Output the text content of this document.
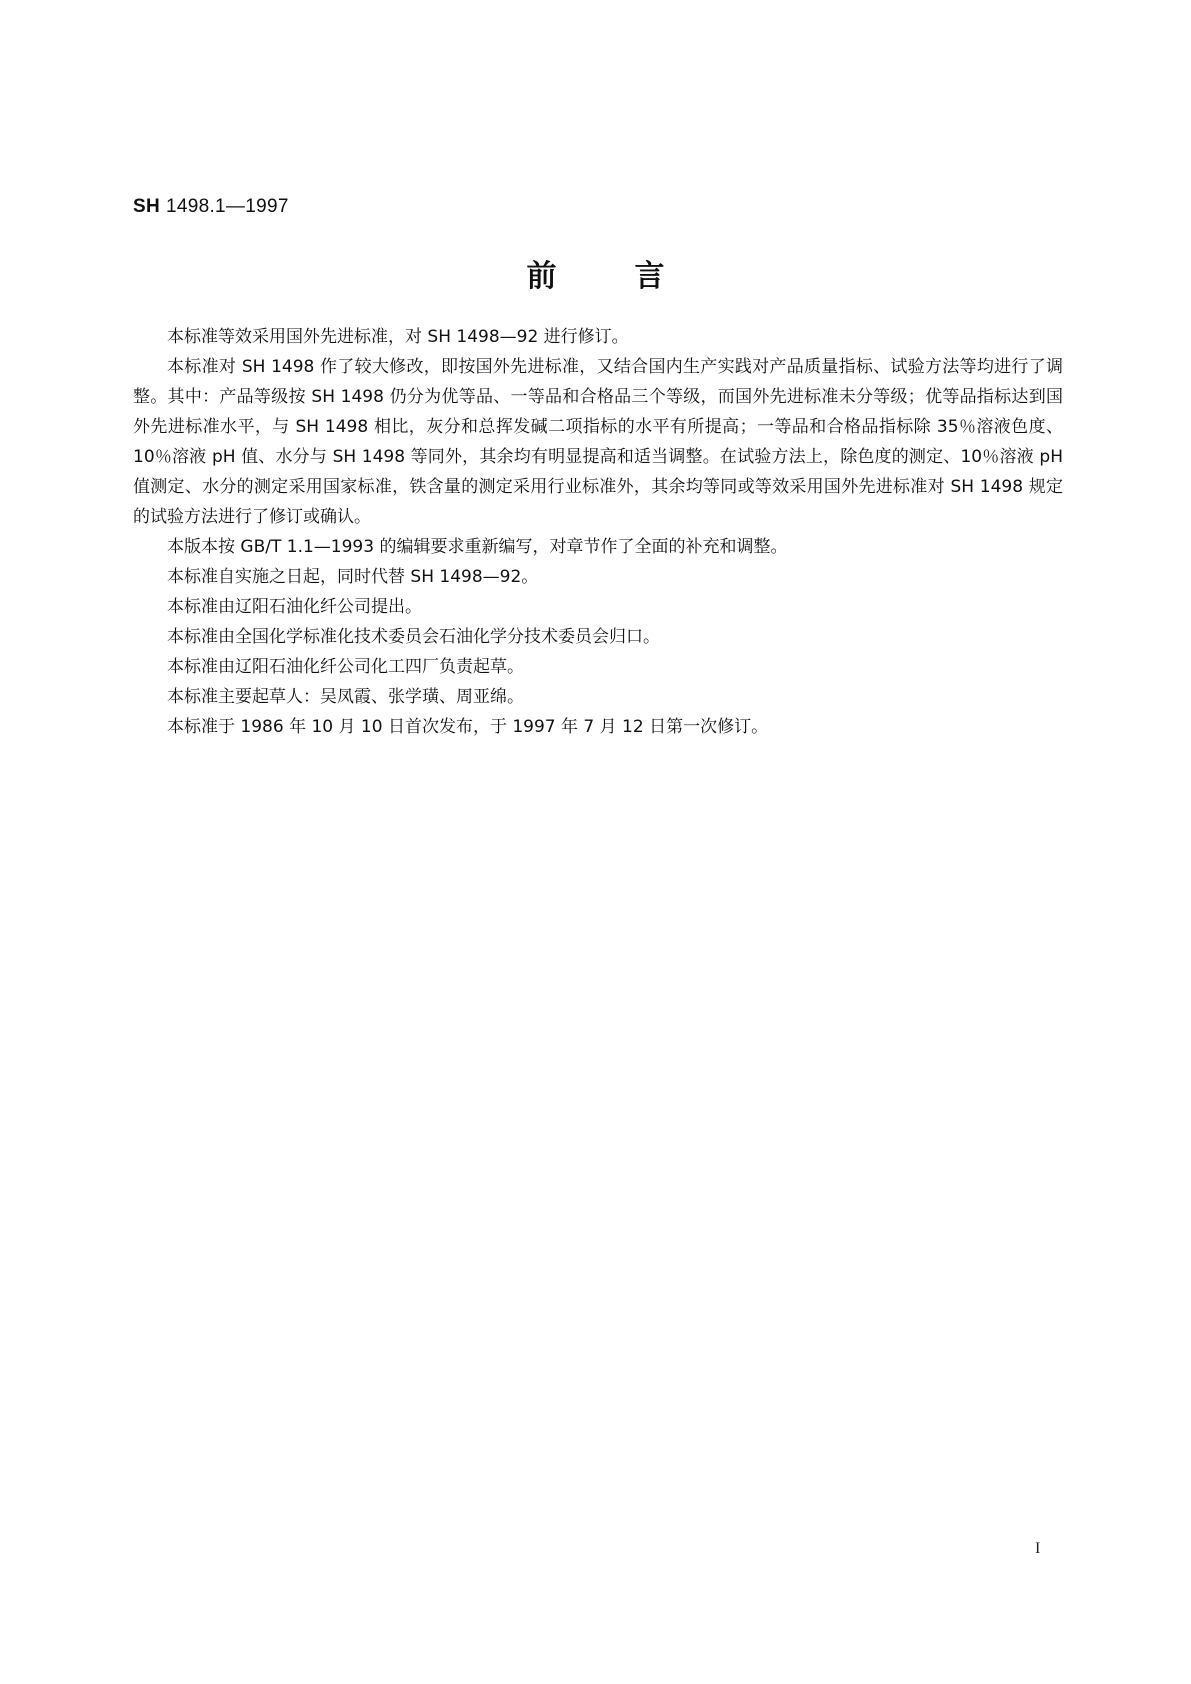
SH 1498.1—1997
前言

本标准等效采用国外先进标准，对 SH 1498—92 进行修订。

本标准对 SH 1498 作了较大修改，即按国外先进标准，又结合国内生产实践对产品质量指标、试验方法等均进行了调整。其中：产品等级按 SH 1498 仍分为优等品、一等品和合格品三个等级，而国外先进标准未分等级；优等品指标达到国外先进标准水平，与 SH 1498 相比，灰分和总挥发碱二项指标的水平有所提高；一等品和合格品指标除 35％溶液色度、10％溶液 pH 值、水分与 SH 1498 等同外，其余均有明显提高和适当调整。在试验方法上，除色度的测定、10％溶液 pH 值测定、水分的测定采用国家标准，铁含量的测定采用行业标准外，其余均等同或等效采用国外先进标准对 SH 1498 规定的试验方法进行了修订或确认。

本版本按 GB/T 1.1—1993 的编辑要求重新编写，对章节作了全面的补充和调整。

本标准自实施之日起，同时代替 SH 1498—92。

本标准由辽阳石油化纤公司提出。

本标准由全国化学标准化技术委员会石油化学分技术委员会归口。

本标准由辽阳石油化纤公司化工四厂负责起草。

本标准主要起草人：吴凤霞、张学璜、周亚绵。

本标准于 1986 年 10 月 10 日首次发布，于 1997 年 7 月 12 日第一次修订。

I
